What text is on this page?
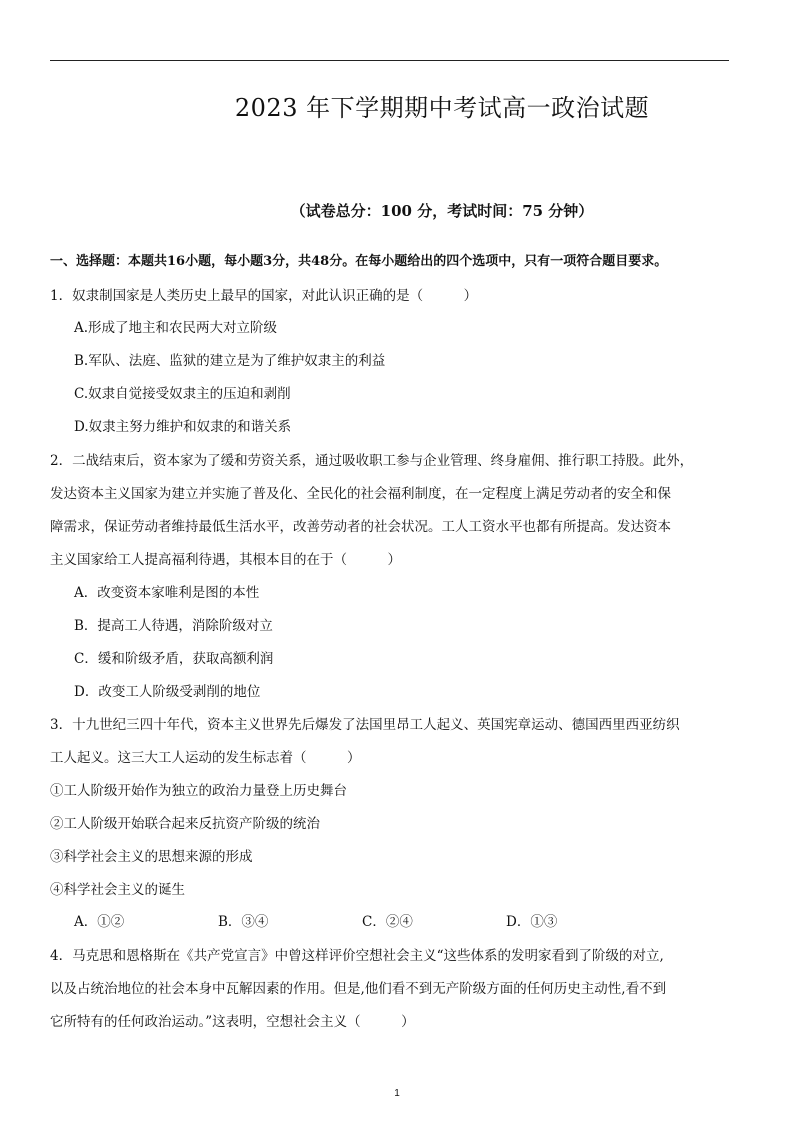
2023 年下学期期中考试高一政治试题
（试卷总分：100 分，考试时间：75 分钟）
一、选择题：本题共16小题，每小题3分，共48分。在每小题给出的四个选项中，只有一项符合题目要求。
1．奴隶制国家是人类历史上最早的国家，对此认识正确的是（　　　）
A.形成了地主和农民两大对立阶级
B.军队、法庭、监狱的建立是为了维护奴隶主的利益
C.奴隶自觉接受奴隶主的压迫和剥削
D.奴隶主努力维护和奴隶的和谐关系
2．二战结束后，资本家为了缓和劳资关系，通过吸收职工参与企业管理、终身雇佣、推行职工持股。此外，
发达资本主义国家为建立并实施了普及化、全民化的社会福利制度，在一定程度上满足劳动者的安全和保
障需求，保证劳动者维持最低生活水平，改善劳动者的社会状况。工人工资水平也都有所提高。发达资本
主义国家给工人提高福利待遇，其根本目的在于（　　　）
A．改变资本家唯利是图的本性
B．提高工人待遇，消除阶级对立
C．缓和阶级矛盾，获取高额利润
D．改变工人阶级受剥削的地位
3．十九世纪三四十年代，资本主义世界先后爆发了法国里昂工人起义、英国宪章运动、德国西里西亚纺织
工人起义。这三大工人运动的发生标志着（　　　）
①工人阶级开始作为独立的政治力量登上历史舞台
②工人阶级开始联合起来反抗资产阶级的统治
③科学社会主义的思想来源的形成
④科学社会主义的诞生
A．①②	B．③④	C．②④	D．①③
4．马克思和恩格斯在《共产党宣言》中曾这样评价空想社会主义“这些体系的发明家看到了阶级的对立,
以及占统治地位的社会本身中瓦解因素的作用。但是,他们看不到无产阶级方面的任何历史主动性,看不到
它所特有的任何政治运动。”这表明，空想社会主义（　　　）
1
